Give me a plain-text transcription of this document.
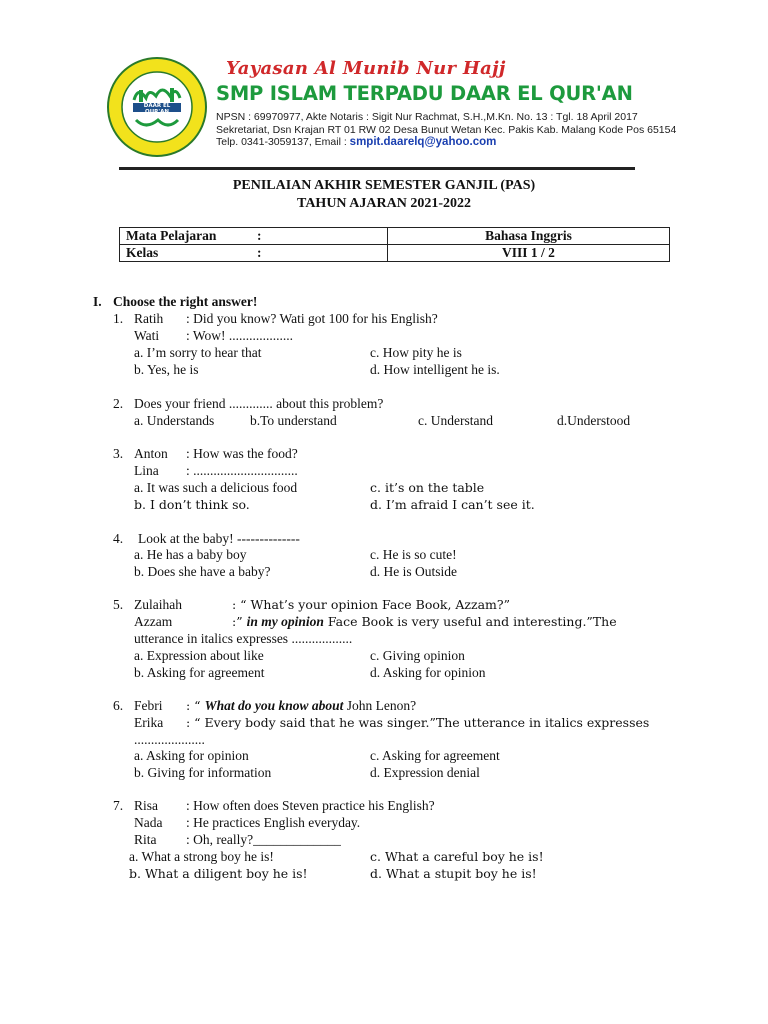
DAAR EL QUR'AN
Yayasan Al Munib Nur Hajj
SMP ISLAM TERPADU DAAR EL QUR'AN
NPSN : 69970977, Akte Notaris : Sigit Nur Rachmat, S.H.,M.Kn. No. 13 : Tgl. 18 April 2017
Sekretariat, Dsn Krajan RT 01 RW 02 Desa Bunut Wetan Kec. Pakis Kab. Malang Kode Pos 65154
Telp. 0341-3059137, Email : smpit.daarelq@yahoo.com
PENILAIAN AKHIR SEMESTER GANJIL (PAS)
TAHUN AJARAN 2021-2022
Mata Pelajaran :	Bahasa Inggris

Kelas :	VIII 1 / 2
I. Choose the right answer!
1. Ratih : Did you know? Wati got 100 for his English?
Wati : Wow! ...................
a. I’m sorry to hear that
b. Yes, he is
c. How pity he is
d. How intelligent he is.
2. Does your friend ............. about this problem?
a. Understands	b.To understand	c. Understand	d.Understood
3. Anton : How was the food?
Lina : ...............................
a. It was such a delicious food
b. I don’t think so.
c. it’s on the table
d. I’m afraid I can’t see it.
4. Look at the baby! --------------
a. He has a baby boy
b. Does she have a baby?
c. He is so cute!
d. He is Outside
5. Zulaihah	: “ What’s your opinion Face Book, Azzam?”
Azzam	:” in my opinion Face Book is very useful and interesting.”The
utterance in italics expresses ..................
a. Expression about like
b. Asking for agreement
c. Giving opinion
d. Asking for opinion
6. Febri : “ What do you know about John Lenon?
Erika : “ Every body said that he was singer.”The utterance in italics expresses
.....................
a. Asking for opinion
b. Giving for information
c. Asking for agreement
d. Expression denial
7. Risa : How often does Steven practice his English?
Nada : He practices English everyday.
Rita : Oh, really?_____________
a. What a strong boy he is!
b. What a diligent boy he is!
c. What a careful boy he is!
d. What a stupit boy he is!
